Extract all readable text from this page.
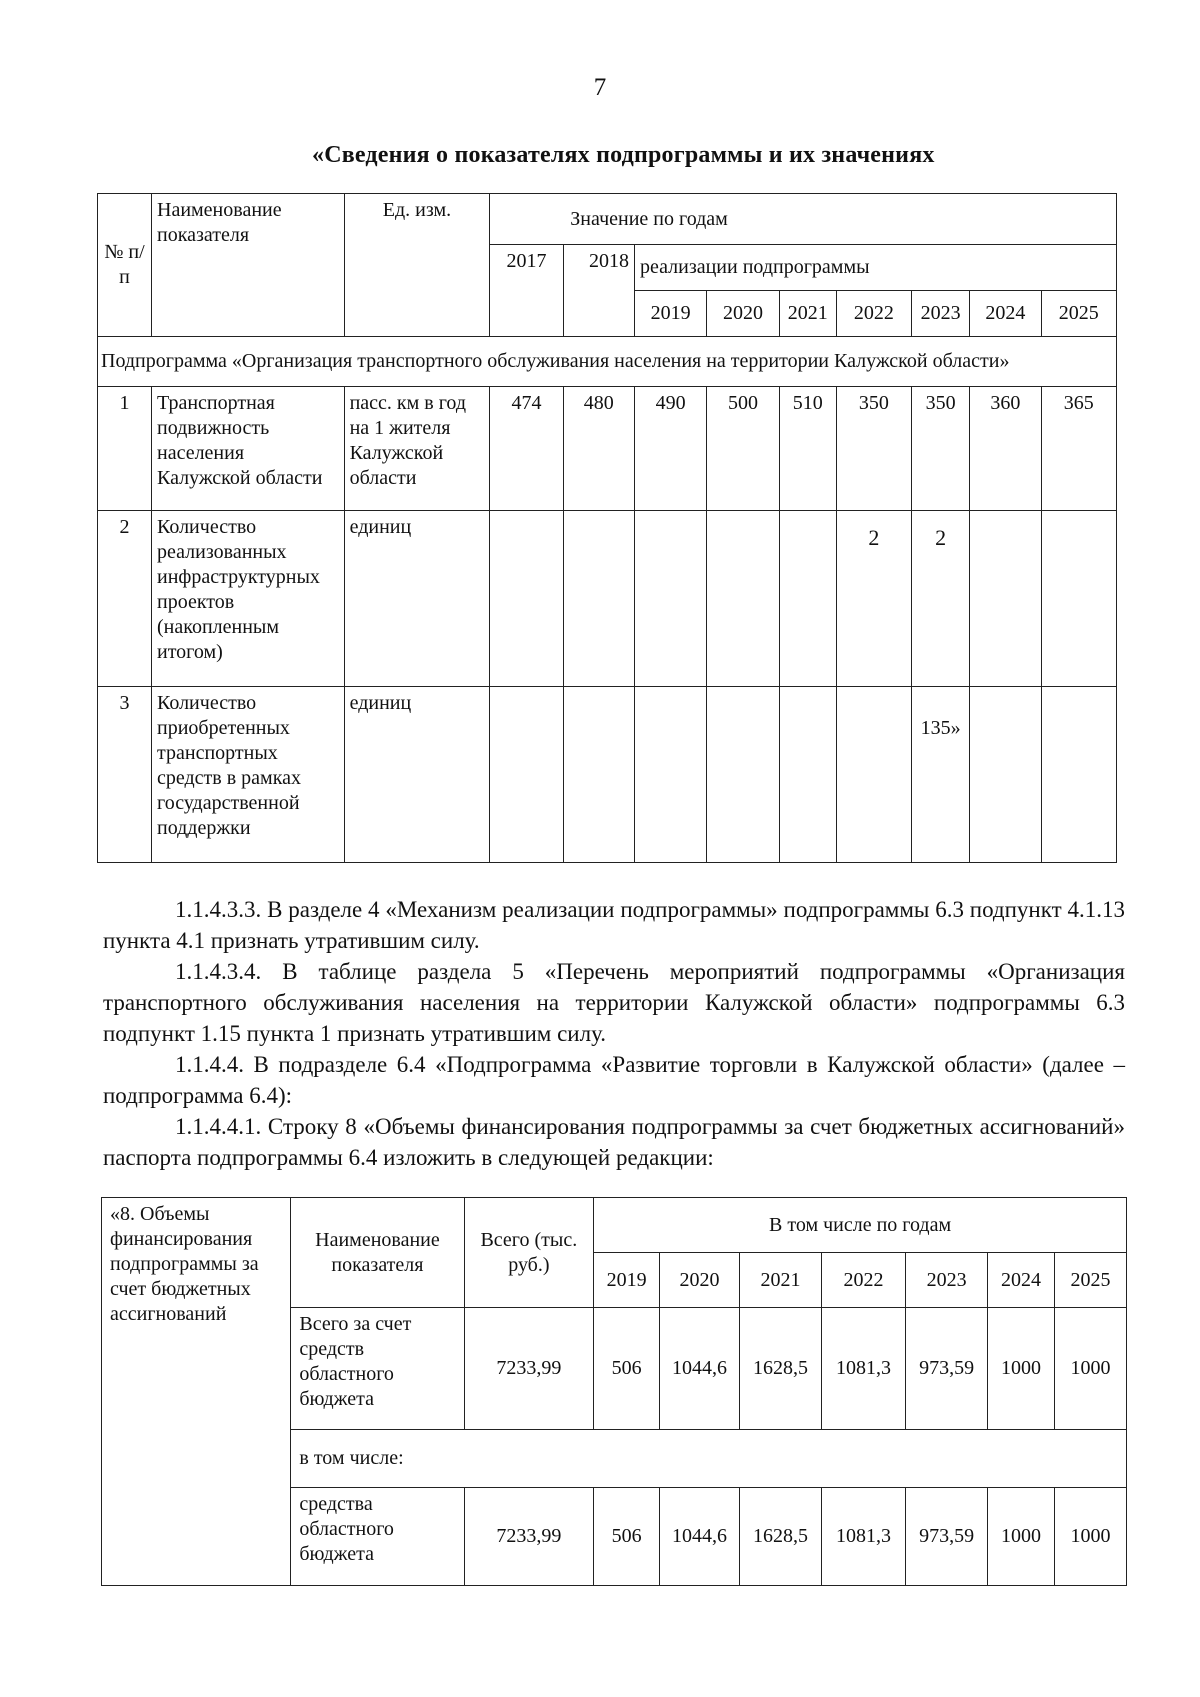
7
«Сведения о показателях подпрограммы и их значениях
№ п/п	Наименование показателя	Ед. изм.	Значение по годам								
			2017	2018	реализации подпрограммы						
					2019	2020	2021	2022	2023	2024	2025
Подпрограмма «Организация транспортного обслуживания населения на территории Калужской области»											
1	Транспортная подвижность населения Калужской области	пасс. км в год на 1 жителя Калужской области	474	480	490	500	510	350	350	360	365
2	Количество реализованных инфраструктурных проектов (накопленным итогом)	единиц						2	2		
3	Количество приобретенных транспортных средств в рамках государственной поддержки	единиц							135»		
1.1.4.3.3. В разделе 4 «Механизм реализации подпрограммы» подпрограммы 6.3 подпункт 4.1.13 пункта 4.1 признать утратившим силу.
1.1.4.3.4. В таблице раздела 5 «Перечень мероприятий подпрограммы «Организация транспортного обслуживания населения на территории Калужской области» подпрограммы 6.3 подпункт 1.15 пункта 1 признать утратившим силу.
1.1.4.4. В подразделе 6.4 «Подпрограмма «Развитие торговли в Калужской области» (далее – подпрограмма 6.4):
1.1.4.4.1. Строку 8 «Объемы финансирования подпрограммы за счет бюджетных ассигнований» паспорта подпрограммы 6.4 изложить в следующей редакции:
«8. Объемы финансирования подпрограммы за счет бюджетных ассигнований	Наименование показателя	Всего (тыс. руб.)	В том числе по годам						
			2019	2020	2021	2022	2023	2024	2025
	Всего за счет средств областного бюджета	7233,99	506	1044,6	1628,5	1081,3	973,59	1000	1000
	в том числе:								
	средства областного бюджета	7233,99	506	1044,6	1628,5	1081,3	973,59	1000	1000
